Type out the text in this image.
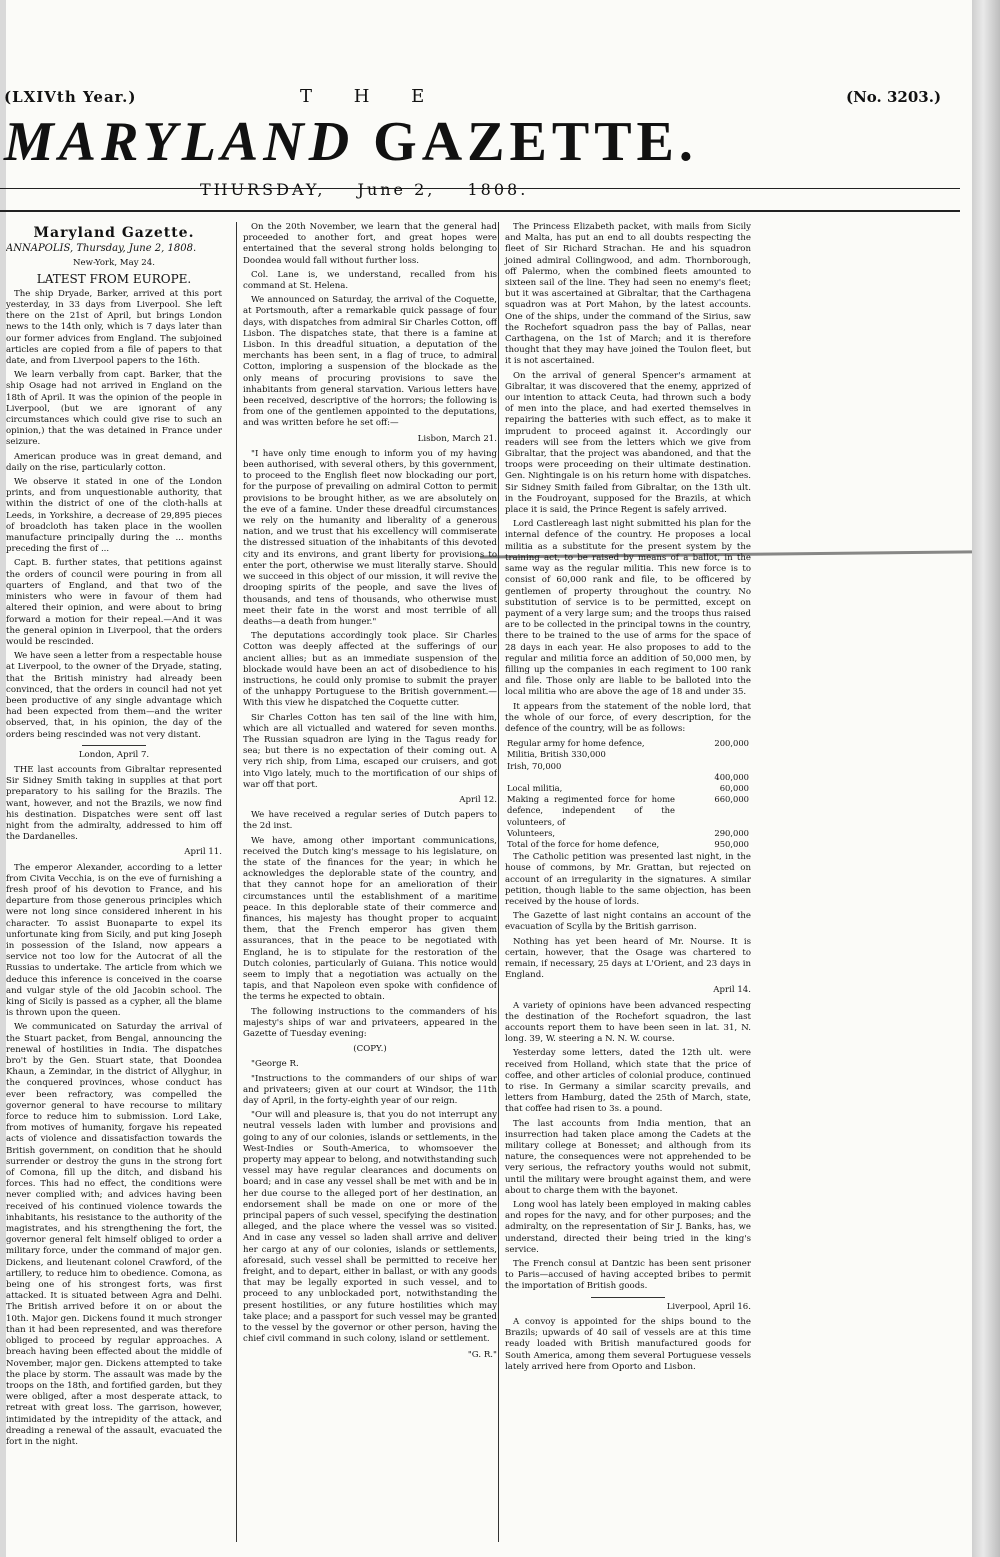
(LXIVth Year.)	T H E	(No. 3203.)
MARYLAND GAZETTE.
THURSDAY, June 2, 1808.
Maryland Gazette.
ANNAPOLIS, Thursday, June 2, 1808.
New-York, May 24.
LATEST FROM EUROPE.

The ship Dryade, Barker, arrived at this port yesterday, in 33 days from Liverpool. She left there on the 21st of April, but brings London news to the 14th only, which is 7 days later than our former advices from England. The subjoined articles are copied from a file of papers to that date, and from Liverpool papers to the 16th.

We learn verbally from capt. Barker, that the ship Osage had not arrived in England on the 18th of April. It was the opinion of the people in Liverpool, (but we are ignorant of any circumstances which could give rise to such an opinion,) that the was detained in France under seizure.

American produce was in great demand, and daily on the rise, particularly cotton.

We observe it stated in one of the London prints, and from unquestionable authority, that within the district of one of the cloth-halls at Leeds, in Yorkshire, a decrease of 29,895 pieces of broadcloth has taken place in the woollen manufacture principally during the ... months preceding the first of ...

Capt. B. further states, that petitions against the orders of council were pouring in from all quarters of England, and that two of the ministers who were in favour of them had altered their opinion, and were about to bring forward a motion for their repeal.—And it was the general opinion in Liverpool, that the orders would be rescinded.

We have seen a letter from a respectable house at Liverpool, to the owner of the Dryade, stating, that the British ministry had already been convinced, that the orders in council had not yet been productive of any single advantage which had been expected from them—and the writer observed, that, in his opinion, the day of the orders being rescinded was not very distant.

London, April 7.

THE last accounts from Gibraltar represented Sir Sidney Smith taking in supplies at that port preparatory to his sailing for the Brazils. The want, however, and not the Brazils, we now find his destination. Dispatches were sent off last night from the admiralty, addressed to him off the Dardanelles.

April 11.

The emperor Alexander, according to a letter from Civita Vecchia, is on the eve of furnishing a fresh proof of his devotion to France, and his departure from those generous principles which were not long since considered inherent in his character. To assist Buonaparte to expel its unfortunate king from Sicily, and put king Joseph in possession of the Island, now appears a service not too low for the Autocrat of all the Russias to undertake. The article from which we deduce this inference is conceived in the coarse and vulgar style of the old Jacobin school. The king of Sicily is passed as a cypher, all the blame is thrown upon the queen.

We communicated on Saturday the arrival of the Stuart packet, from Bengal, announcing the renewal of hostilities in India. The dispatches bro't by the Gen. Stuart state, that Doondea Khaun, a Zemindar, in the district of Allyghur, in the conquered provinces, whose conduct has ever been refractory, was compelled the governor general to have recourse to military force to reduce him to submission. Lord Lake, from motives of humanity, forgave his repeated acts of violence and dissatisfaction towards the British government, on condition that he should surrender or destroy the guns in the strong fort of Comona, fill up the ditch, and disband his forces. This had no effect, the conditions were never complied with; and advices having been received of his continued violence towards the inhabitants, his resistance to the authority of the magistrates, and his strengthening the fort, the governor general felt himself obliged to order a military force, under the command of major gen. Dickens, and lieutenant colonel Crawford, of the artillery, to reduce him to obedience. Comona, as being one of his strongest forts, was first attacked. It is situated between Agra and Delhi. The British arrived before it on or about the 10th. Major gen. Dickens found it much stronger than it had been represented, and was therefore obliged to proceed by regular approaches. A breach having been effected about the middle of November, major gen. Dickens attempted to take the place by storm. The assault was made by the troops on the 18th, and fortified garden, but they were obliged, after a most desperate attack, to retreat with great loss. The garrison, however, intimidated by the intrepidity of the attack, and dreading a renewal of the assault, evacuated the fort in the night.

On the 20th November, we learn that the general had proceeded to another fort, and great hopes were entertained that the several strong holds belonging to Doondea would fall without further loss.

Col. Lane is, we understand, recalled from his command at St. Helena.

We announced on Saturday, the arrival of the Coquette, at Portsmouth, after a remarkable quick passage of four days, with dispatches from admiral Sir Charles Cotton, off Lisbon. The dispatches state, that there is a famine at Lisbon. In this dreadful situation, a deputation of the merchants has been sent, in a flag of truce, to admiral Cotton, imploring a suspension of the blockade as the only means of procuring provisions to save the inhabitants from general starvation. Various letters have been received, descriptive of the horrors; the following is from one of the gentlemen appointed to the deputations, and was written before he set off:—

Lisbon, March 21.

"I have only time enough to inform you of my having been authorised, with several others, by this government, to proceed to the English fleet now blockading our port, for the purpose of prevailing on admiral Cotton to permit provisions to be brought hither, as we are absolutely on the eve of a famine. Under these dreadful circumstances we rely on the humanity and liberality of a generous nation, and we trust that his excellency will commiserate the distressed situation of the inhabitants of this devoted city and its environs, and grant liberty for provisions to enter the port, otherwise we must literally starve. Should we succeed in this object of our mission, it will revive the drooping spirits of the people, and save the lives of thousands, and tens of thousands, who otherwise must meet their fate in the worst and most terrible of all deaths—a death from hunger."

The deputations accordingly took place. Sir Charles Cotton was deeply affected at the sufferings of our ancient allies; but as an immediate suspension of the blockade would have been an act of disobedience to his instructions, he could only promise to submit the prayer of the unhappy Portuguese to the British government.—With this view he dispatched the Coquette cutter.

Sir Charles Cotton has ten sail of the line with him, which are all victualled and watered for seven months. The Russian squadron are lying in the Tagus ready for sea; but there is no expectation of their coming out. A very rich ship, from Lima, escaped our cruisers, and got into Vigo lately, much to the mortification of our ships of war off that port.

April 12.

We have received a regular series of Dutch papers to the 2d inst.

We have, among other important communications, received the Dutch king's message to his legislature, on the state of the finances for the year; in which he acknowledges the deplorable state of the country, and that they cannot hope for an amelioration of their circumstances until the establishment of a maritime peace. In this deplorable state of their commerce and finances, his majesty has thought proper to acquaint them, that the French emperor has given them assurances, that in the peace to be negotiated with England, he is to stipulate for the restoration of the Dutch colonies, particularly of Guiana. This notice would seem to imply that a negotiation was actually on the tapis, and that Napoleon even spoke with confidence of the terms he expected to obtain.

The following instructions to the commanders of his majesty's ships of war and privateers, appeared in the Gazette of Tuesday evening:

(COPY.)

"George R.

"Instructions to the commanders of our ships of war and privateers; given at our court at Windsor, the 11th day of April, in the forty-eighth year of our reign.

"Our will and pleasure is, that you do not interrupt any neutral vessels laden with lumber and provisions and going to any of our colonies, islands or settlements, in the West-Indies or South-America, to whomsoever the property may appear to belong, and notwithstanding such vessel may have regular clearances and documents on board; and in case any vessel shall be met with and be in her due course to the alleged port of her destination, an endorsement shall be made on one or more of the principal papers of such vessel, specifying the destination alleged, and the place where the vessel was so visited. And in case any vessel so laden shall arrive and deliver her cargo at any of our colonies, islands or settlements, aforesaid, such vessel shall be permitted to receive her freight, and to depart, either in ballast, or with any goods that may be legally exported in such vessel, and to proceed to any unblockaded port, notwithstanding the present hostilities, or any future hostilities which may take place; and a passport for such vessel may be granted to the vessel by the governor or other person, having the chief civil command in such colony, island or settlement.

"G. R."

The Princess Elizabeth packet, with mails from Sicily and Malta, has put an end to all doubts respecting the fleet of Sir Richard Strachan. He and his squadron joined admiral Collingwood, and adm. Thornborough, off Palermo, when the combined fleets amounted to sixteen sail of the line. They had seen no enemy's fleet; but it was ascertained at Gibraltar, that the Carthagena squadron was at Port Mahon, by the latest accounts. One of the ships, under the command of the Sirius, saw the Rochefort squadron pass the bay of Pallas, near Carthagena, on the 1st of March; and it is therefore thought that they may have joined the Toulon fleet, but it is not ascertained.

On the arrival of general Spencer's armament at Gibraltar, it was discovered that the enemy, apprized of our intention to attack Ceuta, had thrown such a body of men into the place, and had exerted themselves in repairing the batteries with such effect, as to make it imprudent to proceed against it. Accordingly our readers will see from the letters which we give from Gibraltar, that the project was abandoned, and that the troops were proceeding on their ultimate destination. Gen. Nightingale is on his return home with dispatches. Sir Sidney Smith failed from Gibraltar, on the 13th ult. in the Foudroyant, supposed for the Brazils, at which place it is said, the Prince Regent is safely arrived.

Lord Castlereagh last night submitted his plan for the internal defence of the country. He proposes a local militia as a substitute for the present system by the training act, to be raised by means of a ballot, in the same way as the regular militia. This new force is to consist of 60,000 rank and file, to be officered by gentlemen of property throughout the country. No substitution of service is to be permitted, except on payment of a very large sum; and the troops thus raised are to be collected in the principal towns in the country, there to be trained to the use of arms for the space of 28 days in each year. He also proposes to add to the regular and militia force an addition of 50,000 men, by filling up the companies in each regiment to 100 rank and file. Those only are liable to be balloted into the local militia who are above the age of 18 and under 35.

It appears from the statement of the noble lord, that the whole of our force, of every description, for the defence of the country, will be as follows:

Regular army for home defence,	200,000
Militia, British 330,000	
Irish, 70,000	
	400,000
Local militia,	60,000
Making a regimented force for home defence, independent of the volunteers, of	660,000
Volunteers,	290,000
Total of the force for home defence,	950,000

The Catholic petition was presented last night, in the house of commons, by Mr. Grattan, but rejected on account of an irregularity in the signatures. A similar petition, though liable to the same objection, has been received by the house of lords.

The Gazette of last night contains an account of the evacuation of Scylla by the British garrison.

Nothing has yet been heard of Mr. Nourse. It is certain, however, that the Osage was chartered to remain, if necessary, 25 days at L'Orient, and 23 days in England.

April 14.

A variety of opinions have been advanced respecting the destination of the Rochefort squadron, the last accounts report them to have been seen in lat. 31, N. long. 39, W. steering a N. N. W. course.

Yesterday some letters, dated the 12th ult. were received from Holland, which state that the price of coffee, and other articles of colonial produce, continued to rise. In Germany a similar scarcity prevails, and letters from Hamburg, dated the 25th of March, state, that coffee had risen to 3s. a pound.

The last accounts from India mention, that an insurrection had taken place among the Cadets at the military college at Bonesset; and although from its nature, the consequences were not apprehended to be very serious, the refractory youths would not submit, until the military were brought against them, and were about to charge them with the bayonet.

Long wool has lately been employed in making cables and ropes for the navy, and for other purposes; and the admiralty, on the representation of Sir J. Banks, has, we understand, directed their being tried in the king's service.

The French consul at Dantzic has been sent prisoner to Paris—accused of having accepted bribes to permit the importation of British goods.

Liverpool, April 16.

A convoy is appointed for the ships bound to the Brazils; upwards of 40 sail of vessels are at this time ready loaded with British manufactured goods for South America, among them several Portuguese vessels lately arrived here from Oporto and Lisbon.
